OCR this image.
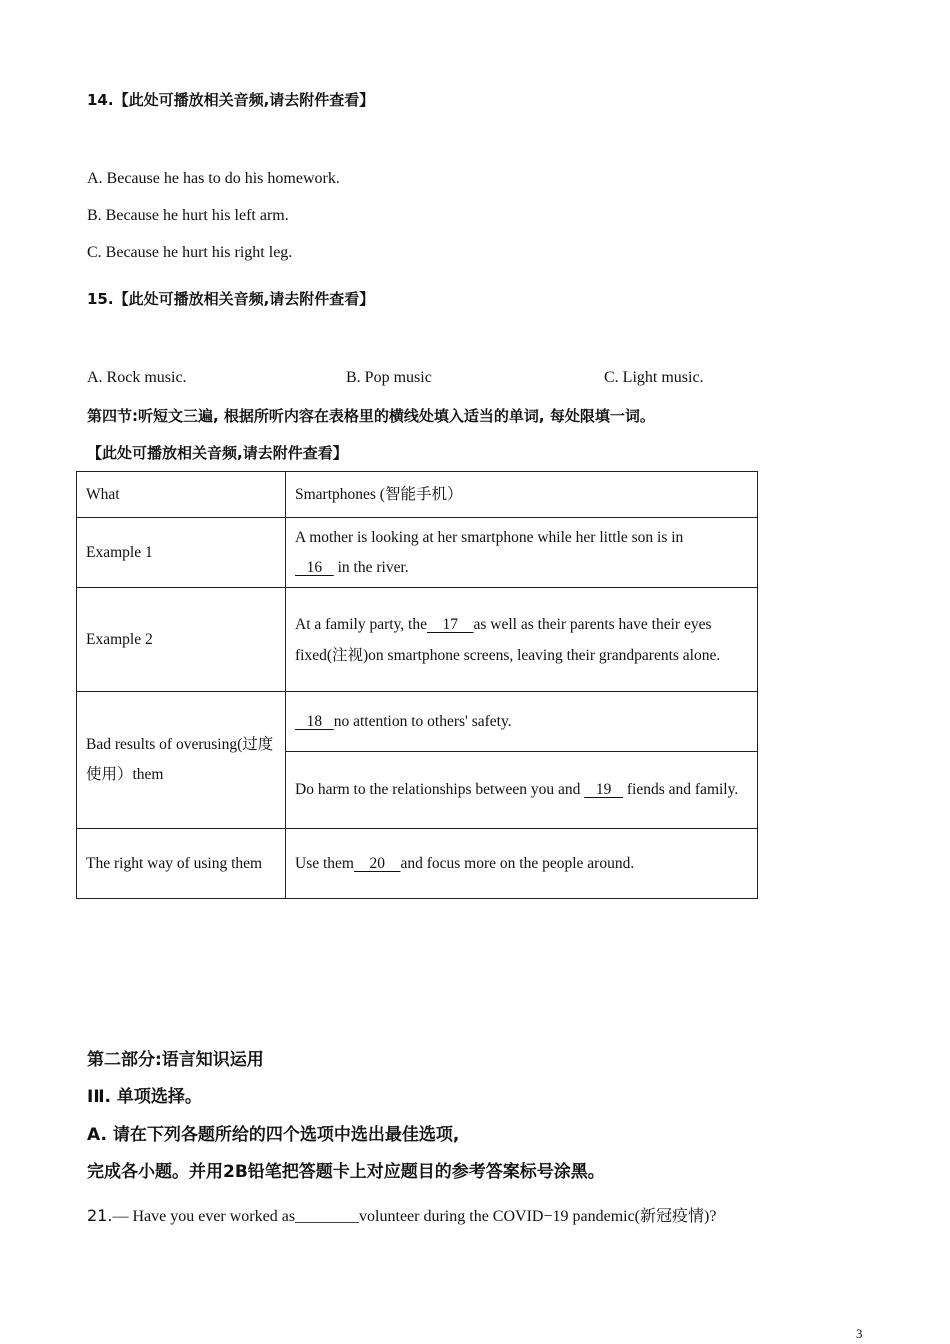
14.【此处可播放相关音频,请去附件查看】
A. Because he has to do his homework.
B. Because he hurt his left arm.
C. Because he hurt his right leg.
15.【此处可播放相关音频,请去附件查看】
A. Rock music.	B. Pop music	C. Light music.
第四节:听短文三遍, 根据所听内容在表格里的横线处填入适当的单词, 每处限填一词。
【此处可播放相关音频,请去附件查看】
What	Smartphones (智能手机）
Example 1	A mother is looking at her smartphone while her little son is in
16    in the river.
Example 2	At a family party, the    17    as well as their parents have their eyes fixed(注视)on smartphone screens, leaving their grandparents alone.
Bad results of overusing(过度使用）them	18   no attention to others' safety.
	Do harm to the relationships between you and    19    fiends and family.
The right way of using them	Use them    20    and focus more on the people around.
第二部分:语言知识运用
IⅡ. 单项选择。
A. 请在下列各题所给的四个选项中选出最佳选项,
完成各小题。并用2B铅笔把答题卡上对应题目的参考答案标号涂黑。
21.— Have you ever worked as________volunteer during the COVID−19 pandemic(新冠疫情)?
3
